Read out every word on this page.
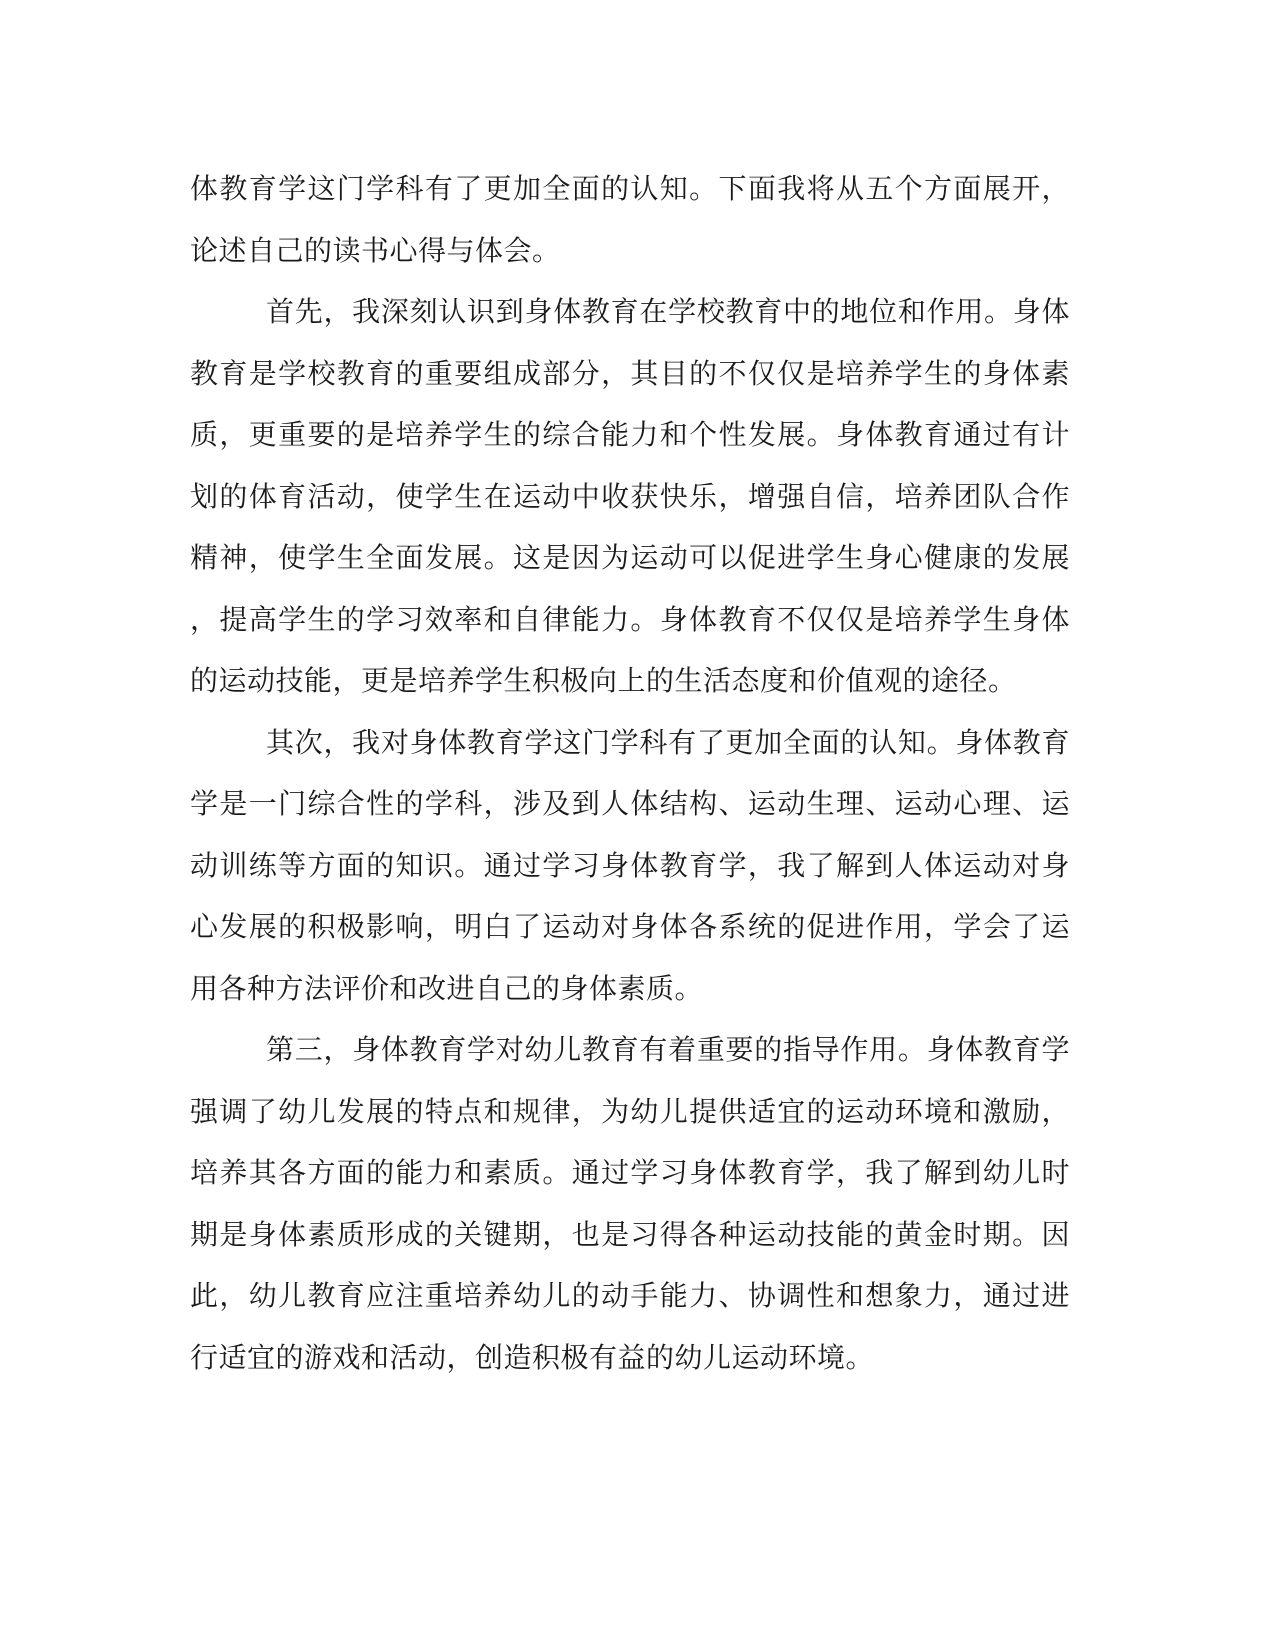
体教育学这门学科有了更加全面的认知。下面我将从五个方面展开，
论述自己的读书心得与体会。
首先，我深刻认识到身体教育在学校教育中的地位和作用。身体
教育是学校教育的重要组成部分，其目的不仅仅是培养学生的身体素
质，更重要的是培养学生的综合能力和个性发展。身体教育通过有计
划的体育活动，使学生在运动中收获快乐，增强自信，培养团队合作
精神，使学生全面发展。这是因为运动可以促进学生身心健康的发展
，提高学生的学习效率和自律能力。身体教育不仅仅是培养学生身体
的运动技能，更是培养学生积极向上的生活态度和价值观的途径。
其次，我对身体教育学这门学科有了更加全面的认知。身体教育
学是一门综合性的学科，涉及到人体结构、运动生理、运动心理、运
动训练等方面的知识。通过学习身体教育学，我了解到人体运动对身
心发展的积极影响，明白了运动对身体各系统的促进作用，学会了运
用各种方法评价和改进自己的身体素质。
第三，身体教育学对幼儿教育有着重要的指导作用。身体教育学
强调了幼儿发展的特点和规律，为幼儿提供适宜的运动环境和激励，
培养其各方面的能力和素质。通过学习身体教育学，我了解到幼儿时
期是身体素质形成的关键期，也是习得各种运动技能的黄金时期。因
此，幼儿教育应注重培养幼儿的动手能力、协调性和想象力，通过进
行适宜的游戏和活动，创造积极有益的幼儿运动环境。
